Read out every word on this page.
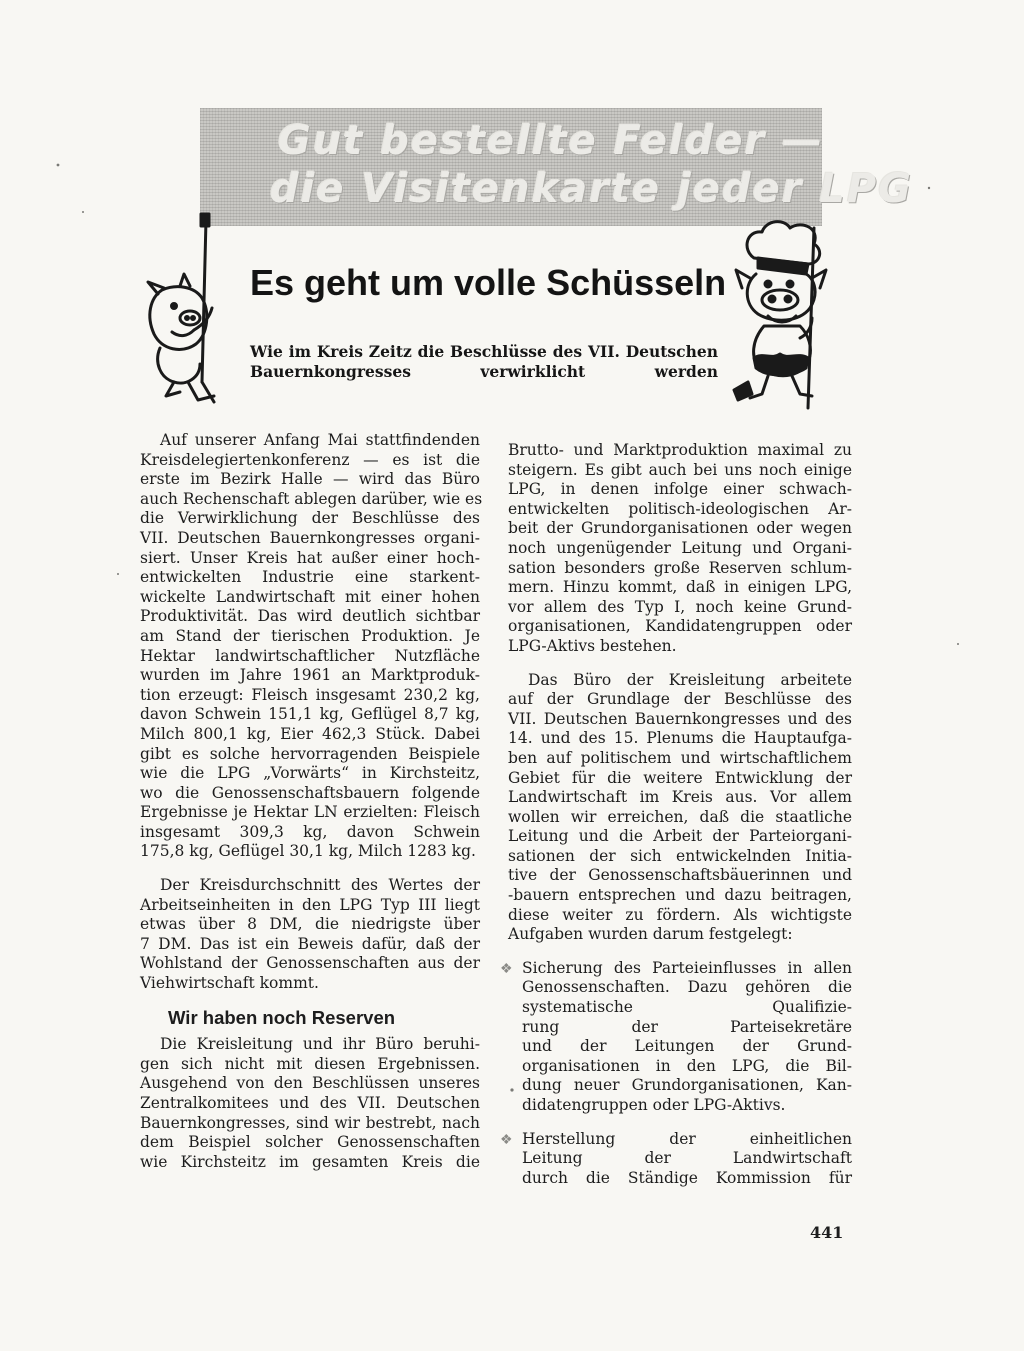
Gut bestellte Felder —
die Visitenkarte jeder LPG
Es geht um volle Schüsseln
Wie im Kreis Zeitz die Beschlüsse des VII. Deutschen
Bauernkongresses verwirklicht werden
Auf unserer Anfang Mai stattfindenden
Kreisdelegiertenkonferenz — es ist die
erste im Bezirk Halle — wird das Büro
auch Rechenschaft ablegen darüber, wie es
die Verwirklichung der Beschlüsse des
VII. Deutschen Bauernkongresses organi-
siert. Unser Kreis hat außer einer hoch-
entwickelten Industrie eine starkent-
wickelte Landwirtschaft mit einer hohen
Produktivität. Das wird deutlich sichtbar
am Stand der tierischen Produktion. Je
Hektar landwirtschaftlicher Nutzfläche
wurden im Jahre 1961 an Marktproduk-
tion erzeugt: Fleisch insgesamt 230,2 kg,
davon Schwein 151,1 kg, Geflügel 8,7 kg,
Milch 800,1 kg, Eier 462,3 Stück. Dabei
gibt es solche hervorragenden Beispiele
wie die LPG „Vorwärts“ in Kirchsteitz,
wo die Genossenschaftsbauern folgende
Ergebnisse je Hektar LN erzielten: Fleisch
insgesamt 309,3 kg, davon Schwein
175,8 kg, Geflügel 30,1 kg, Milch 1283 kg.
Der Kreisdurchschnitt des Wertes der
Arbeitseinheiten in den LPG Typ III liegt
etwas über 8 DM, die niedrigste über
7 DM. Das ist ein Beweis dafür, daß der
Wohlstand der Genossenschaften aus der
Viehwirtschaft kommt.
Wir haben noch Reserven
Die Kreisleitung und ihr Büro beruhi-
gen sich nicht mit diesen Ergebnissen.
Ausgehend von den Beschlüssen unseres
Zentralkomitees und des VII. Deutschen
Bauernkongresses, sind wir bestrebt, nach
dem Beispiel solcher Genossenschaften
wie Kirchsteitz im gesamten Kreis die
Brutto- und Marktproduktion maximal zu
steigern. Es gibt auch bei uns noch einige
LPG, in denen infolge einer schwach-
entwickelten politisch-ideologischen Ar-
beit der Grundorganisationen oder wegen
noch ungenügender Leitung und Organi-
sation besonders große Reserven schlum-
mern. Hinzu kommt, daß in einigen LPG,
vor allem des Typ I, noch keine Grund-
organisationen, Kandidatengruppen oder
LPG-Aktivs bestehen.
Das Büro der Kreisleitung arbeitete
auf der Grundlage der Beschlüsse des
VII. Deutschen Bauernkongresses und des
14. und des 15. Plenums die Hauptaufga-
ben auf politischem und wirtschaftlichem
Gebiet für die weitere Entwicklung der
Landwirtschaft im Kreis aus. Vor allem
wollen wir erreichen, daß die staatliche
Leitung und die Arbeit der Parteiorgani-
sationen der sich entwickelnden Initia-
tive der Genossenschaftsbäuerinnen und
-bauern entsprechen und dazu beitragen,
diese weiter zu fördern. Als wichtigste
Aufgaben wurden darum festgelegt:
❖ Sicherung des Parteieinflusses in allen
Genossenschaften. Dazu gehören die
systematische Qualifizie-
rung der Parteisekretäre
und der Leitungen der Grund-
organisationen in den LPG, die Bil-
dung neuer Grundorganisationen, Kan-
didatengruppen oder LPG-Aktivs.
❖ Herstellung der einheitlichen
Leitung der Landwirtschaft
durch die Ständige Kommission für
441
